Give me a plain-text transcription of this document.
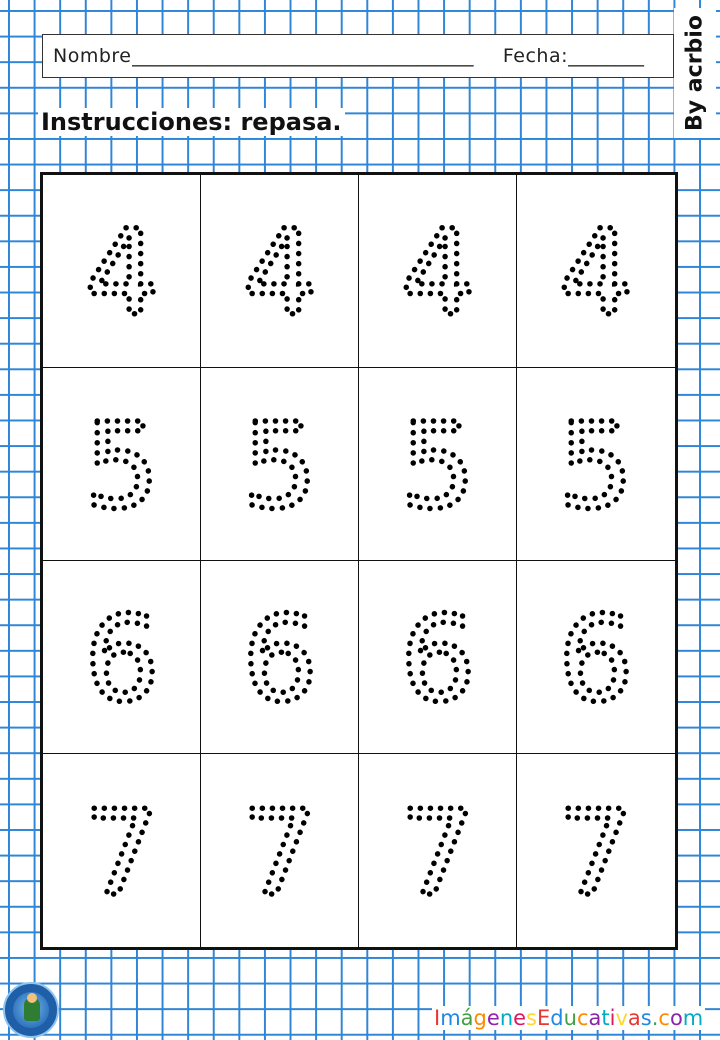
Nombre ____________________________________	Fecha: ________
Instrucciones: repasa.	By acrbio
4 4 4 4
5 5 5 5
6 6 6 6
7 7 7 7
ImágenesEducativas.com
